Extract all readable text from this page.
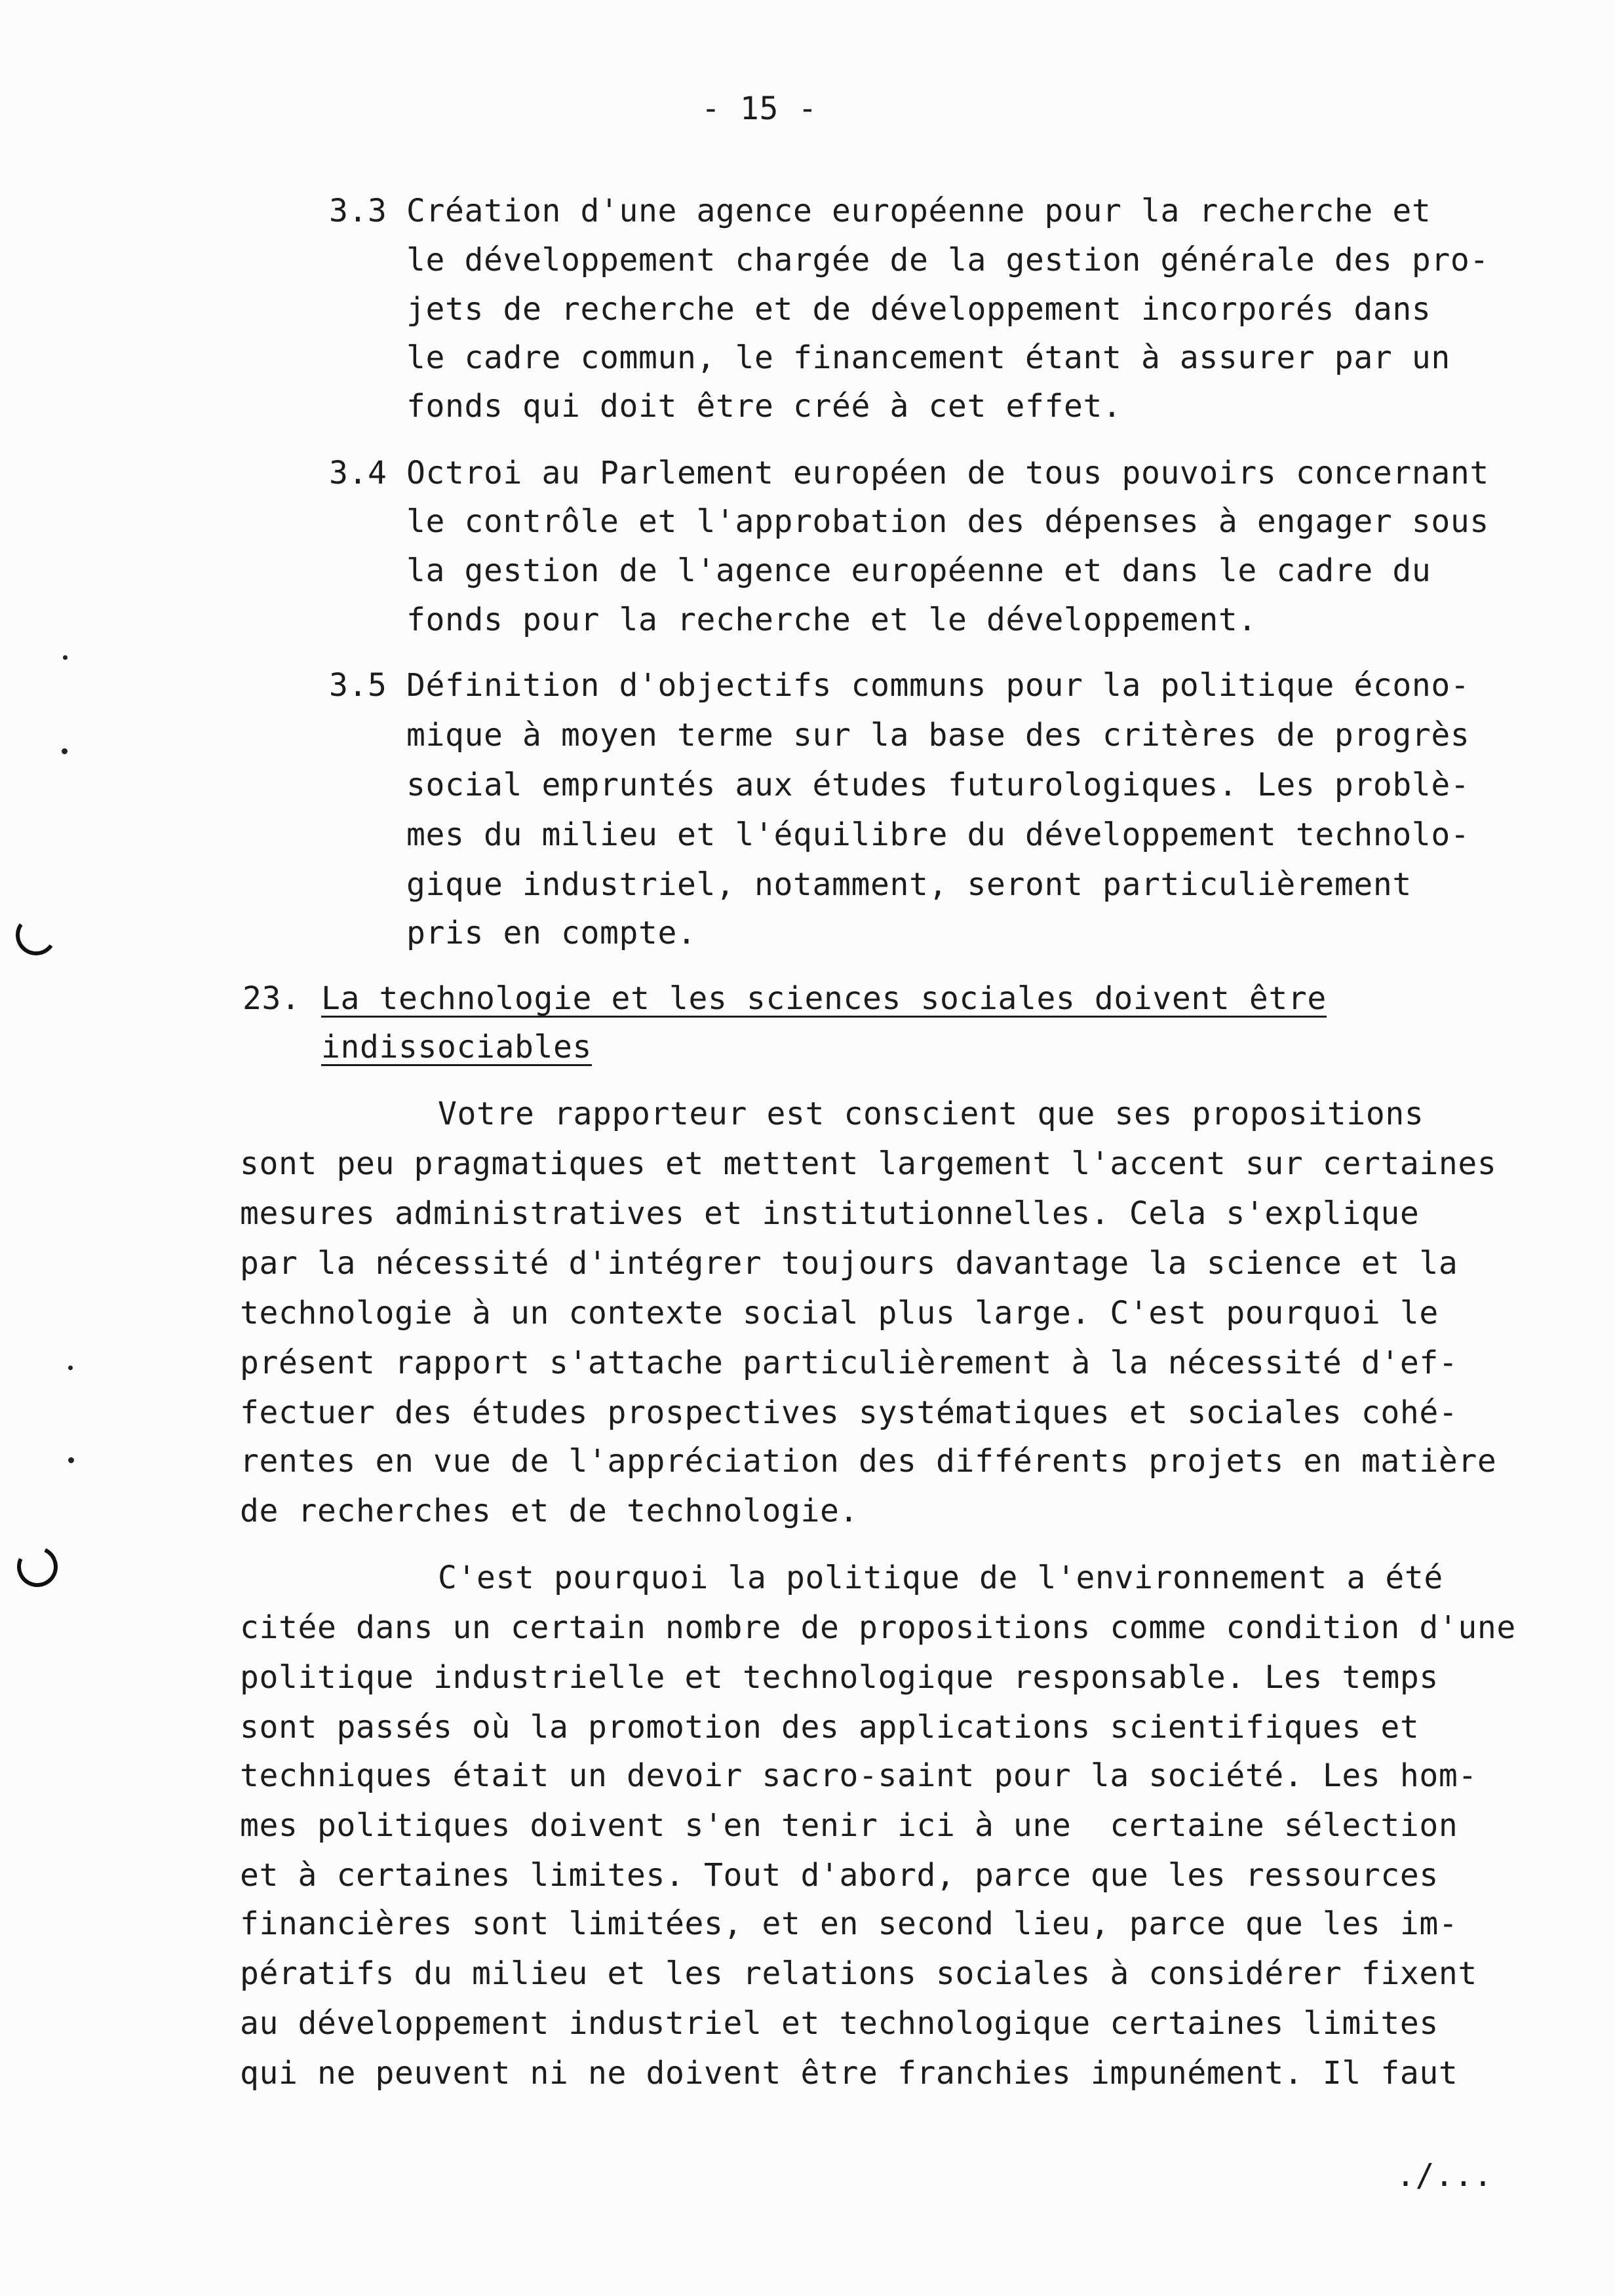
- 15 -
3.3 Création d'une agence européenne pour la recherche et
le développement chargée de la gestion générale des pro-
jets de recherche et de développement incorporés dans
le cadre commun, le financement étant à assurer par un
fonds qui doit être créé à cet effet.
3.4 Octroi au Parlement européen de tous pouvoirs concernant
le contrôle et l'approbation des dépenses à engager sous
la gestion de l'agence européenne et dans le cadre du
fonds pour la recherche et le développement.
3.5 Définition d'objectifs communs pour la politique écono-
mique à moyen terme sur la base des critères de progrès
social empruntés aux études futurologiques. Les problè-
mes du milieu et l'équilibre du développement technolo-
gique industriel, notamment, seront particulièrement
pris en compte.
23. La technologie et les sciences sociales doivent être
indissociables
Votre rapporteur est conscient que ses propositions
sont peu pragmatiques et mettent largement l'accent sur certaines
mesures administratives et institutionnelles. Cela s'explique
par la nécessité d'intégrer toujours davantage la science et la
technologie à un contexte social plus large. C'est pourquoi le
présent rapport s'attache particulièrement à la nécessité d'ef-
fectuer des études prospectives systématiques et sociales cohé-
rentes en vue de l'appréciation des différents projets en matière
de recherches et de technologie.
C'est pourquoi la politique de l'environnement a été
citée dans un certain nombre de propositions comme condition d'une
politique industrielle et technologique responsable. Les temps
sont passés où la promotion des applications scientifiques et
techniques était un devoir sacro-saint pour la société. Les hom-
mes politiques doivent s'en tenir ici à une  certaine sélection
et à certaines limites. Tout d'abord, parce que les ressources
financières sont limitées, et en second lieu, parce que les im-
pératifs du milieu et les relations sociales à considérer fixent
au développement industriel et technologique certaines limites
qui ne peuvent ni ne doivent être franchies impunément. Il faut
./...
